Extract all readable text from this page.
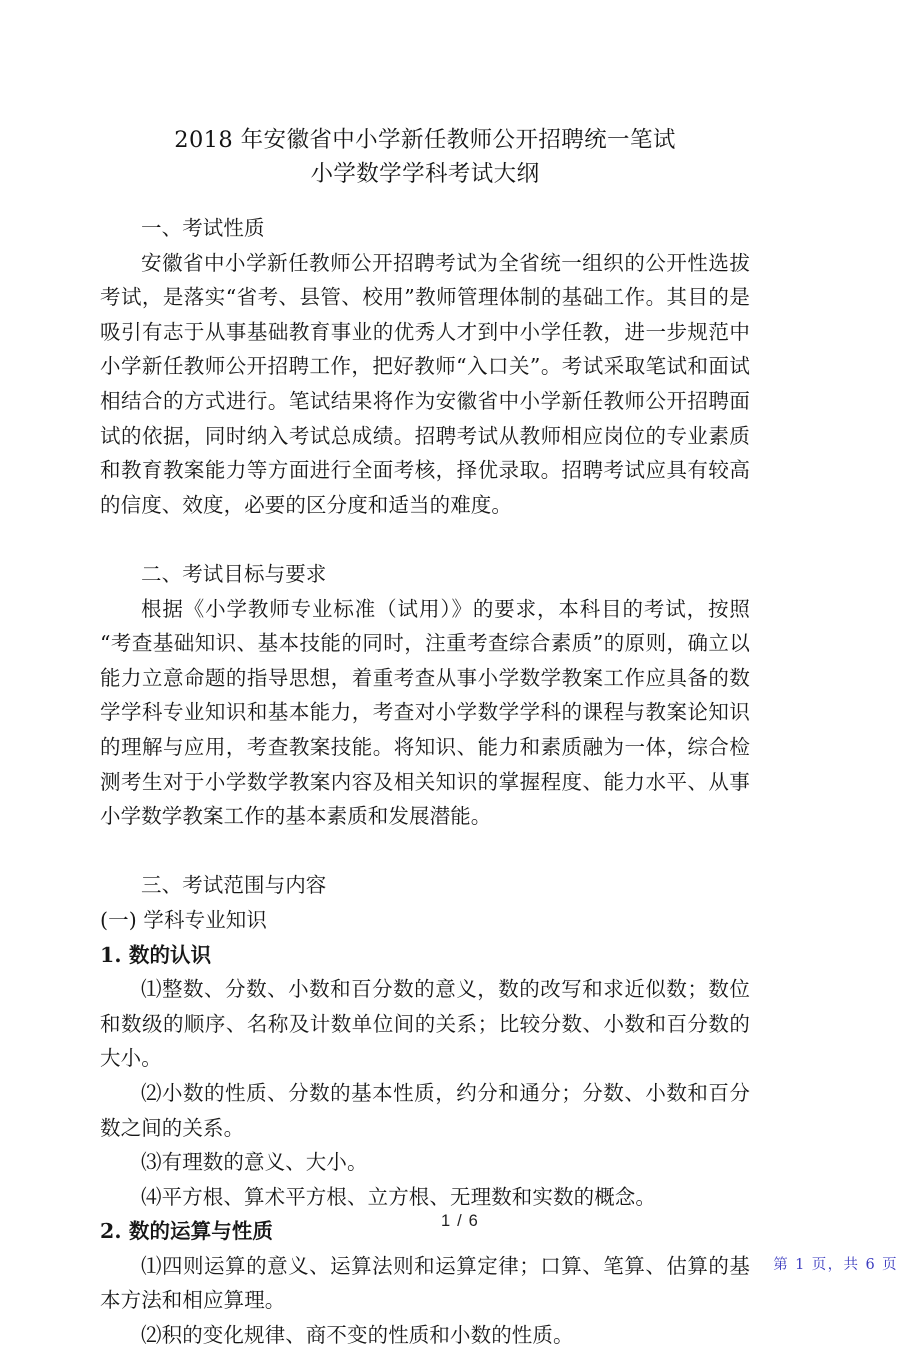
2018 年安徽省中小学新任教师公开招聘统一笔试
小学数学学科考试大纲

一、考试性质

安徽省中小学新任教师公开招聘考试为全省统一组织的公开性选拔考试，是落实“省考、县管、校用”教师管理体制的基础工作。其目的是吸引有志于从事基础教育事业的优秀人才到中小学任教，进一步规范中小学新任教师公开招聘工作，把好教师“入口关”。考试采取笔试和面试相结合的方式进行。笔试结果将作为安徽省中小学新任教师公开招聘面试的依据，同时纳入考试总成绩。招聘考试从教师相应岗位的专业素质和教育教案能力等方面进行全面考核，择优录取。招聘考试应具有较高的信度、效度，必要的区分度和适当的难度。

二、考试目标与要求

根据《小学教师专业标准（试用）》的要求，本科目的考试，按照“考查基础知识、基本技能的同时，注重考查综合素质”的原则，确立以能力立意命题的指导思想，着重考查从事小学数学教案工作应具备的数学学科专业知识和基本能力，考查对小学数学学科的课程与教案论知识的理解与应用，考查教案技能。将知识、能力和素质融为一体，综合检测考生对于小学数学教案内容及相关知识的掌握程度、能力水平、从事小学数学教案工作的基本素质和发展潜能。

三、考试范围与内容

(一) 学科专业知识

1. 数的认识

⑴整数、分数、小数和百分数的意义，数的改写和求近似数；数位和数级的顺序、名称及计数单位间的关系；比较分数、小数和百分数的大小。

⑵小数的性质、分数的基本性质，约分和通分；分数、小数和百分数之间的关系。

⑶有理数的意义、大小。

⑷平方根、算术平方根、立方根、无理数和实数的概念。

2. 数的运算与性质

⑴四则运算的意义、运算法则和运算定律；口算、笔算、估算的基本方法和相应算理。

⑵积的变化规律、商不变的性质和小数的性质。

1 / 6
第 1 页，共 6 页
